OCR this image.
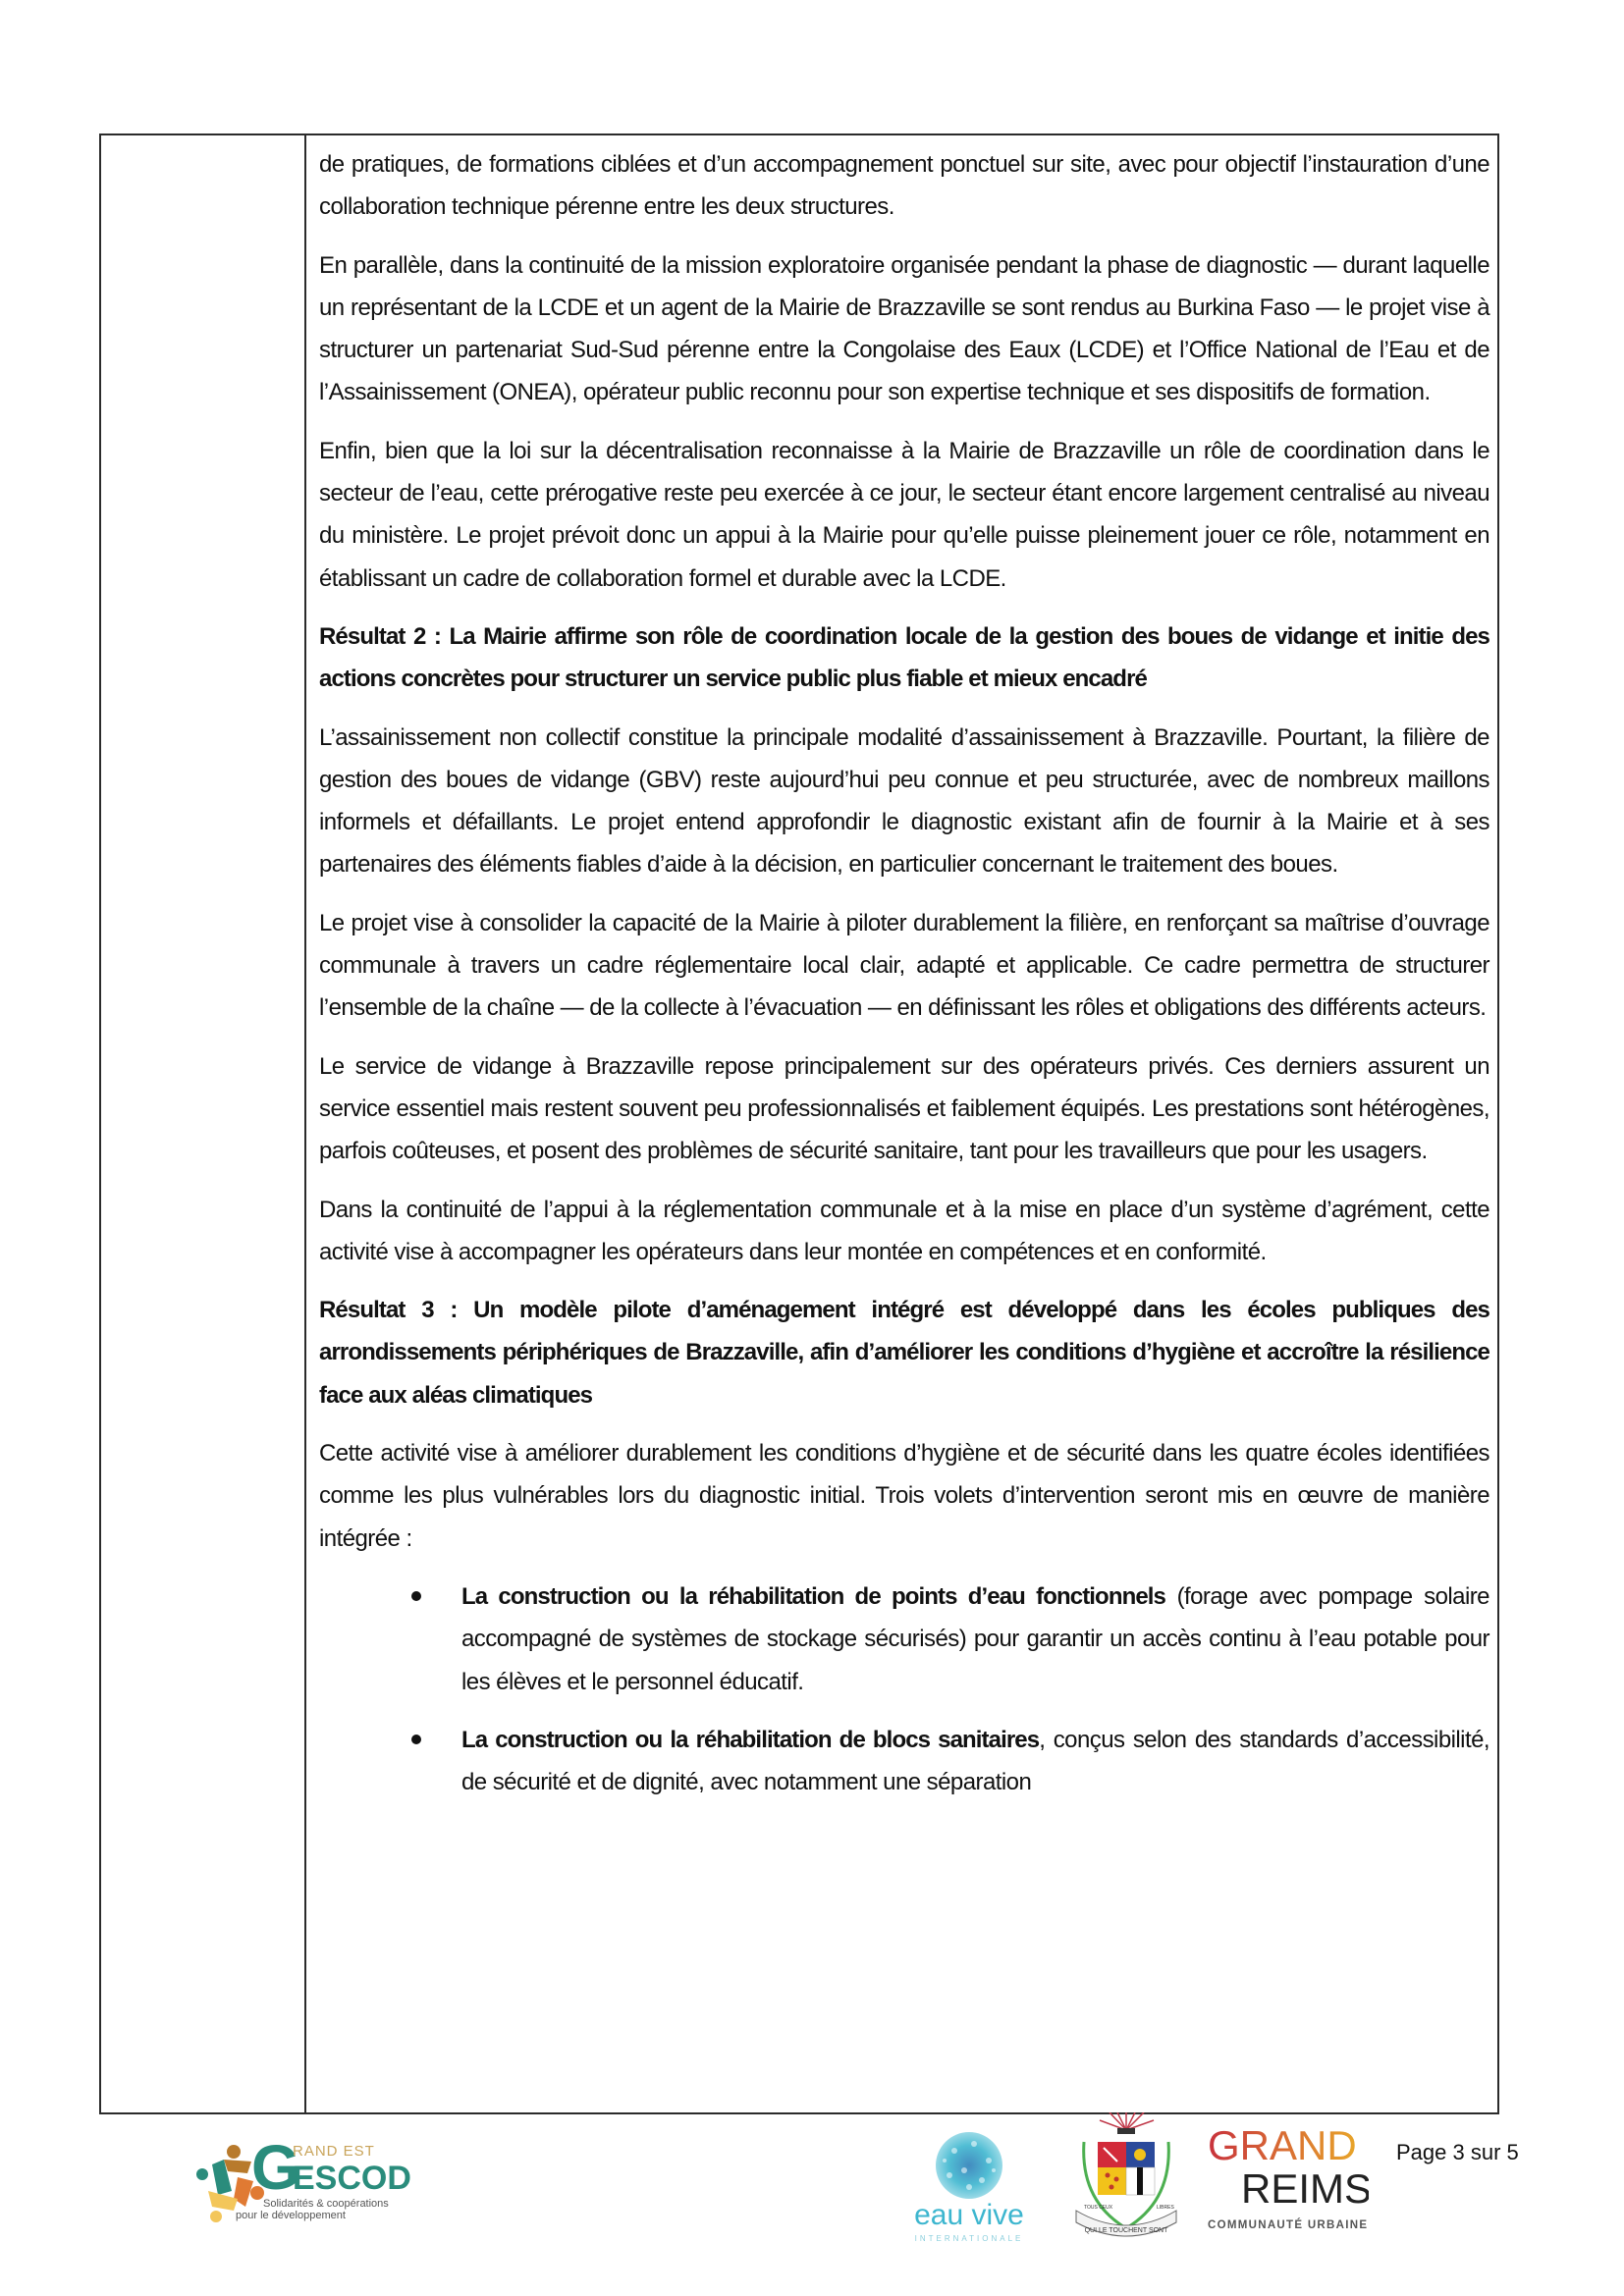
de pratiques, de formations ciblées et d’un accompagnement ponctuel sur site, avec pour objectif l’instauration d’une collaboration technique pérenne entre les deux structures.

En parallèle, dans la continuité de la mission exploratoire organisée pendant la phase de diagnostic — durant laquelle un représentant de la LCDE et un agent de la Mairie de Brazzaville se sont rendus au Burkina Faso — le projet vise à structurer un partenariat Sud-Sud pérenne entre la Congolaise des Eaux (LCDE) et l’Office National de l’Eau et de l’Assainissement (ONEA), opérateur public reconnu pour son expertise technique et ses dispositifs de formation.

Enfin, bien que la loi sur la décentralisation reconnaisse à la Mairie de Brazzaville un rôle de coordination dans le secteur de l’eau, cette prérogative reste peu exercée à ce jour, le secteur étant encore largement centralisé au niveau du ministère. Le projet prévoit donc un appui à la Mairie pour qu’elle puisse pleinement jouer ce rôle, notamment en établissant un cadre de collaboration formel et durable avec la LCDE.

Résultat 2 : La Mairie affirme son rôle de coordination locale de la gestion des boues de vidange et initie des actions concrètes pour structurer un service public plus fiable et mieux encadré

L’assainissement non collectif constitue la principale modalité d’assainissement à Brazzaville. Pourtant, la filière de gestion des boues de vidange (GBV) reste aujourd’hui peu connue et peu structurée, avec de nombreux maillons informels et défaillants. Le projet entend approfondir le diagnostic existant afin de fournir à la Mairie et à ses partenaires des éléments fiables d’aide à la décision, en particulier concernant le traitement des boues.

Le projet vise à consolider la capacité de la Mairie à piloter durablement la filière, en renforçant sa maîtrise d’ouvrage communale à travers un cadre réglementaire local clair, adapté et applicable. Ce cadre permettra de structurer l’ensemble de la chaîne — de la collecte à l’évacuation — en définissant les rôles et obligations des différents acteurs.

Le service de vidange à Brazzaville repose principalement sur des opérateurs privés. Ces derniers assurent un service essentiel mais restent souvent peu professionnalisés et faiblement équipés. Les prestations sont hétérogènes, parfois coûteuses, et posent des problèmes de sécurité sanitaire, tant pour les travailleurs que pour les usagers.

Dans la continuité de l’appui à la réglementation communale et à la mise en place d’un système d’agrément, cette activité vise à accompagner les opérateurs dans leur montée en compétences et en conformité.

Résultat 3 : Un modèle pilote d’aménagement intégré est développé dans les écoles publiques des arrondissements périphériques de Brazzaville, afin d’améliorer les conditions d’hygiène et accroître la résilience face aux aléas climatiques

Cette activité vise à améliorer durablement les conditions d’hygiène et de sécurité dans les quatre écoles identifiées comme les plus vulnérables lors du diagnostic initial. Trois volets d’intervention seront mis en œuvre de manière intégrée :

La construction ou la réhabilitation de points d’eau fonctionnels (forage avec pompage solaire accompagné de systèmes de stockage sécurisés) pour garantir un accès continu à l’eau potable pour les élèves et le personnel éducatif.
La construction ou la réhabilitation de blocs sanitaires, conçus selon des standards d’accessibilité, de sécurité et de dignité, avec notamment une séparation
G
RAND EST
ESCOD
Solidarités & coopérations
pour le développement	eau vive
INTERNATIONALE
QUI LE TOUCHENT SONT
TOUS CEUX	LIBRES
GRAND
REIMS
COMMUNAUTÉ URBAINE
Page 3 sur 5
